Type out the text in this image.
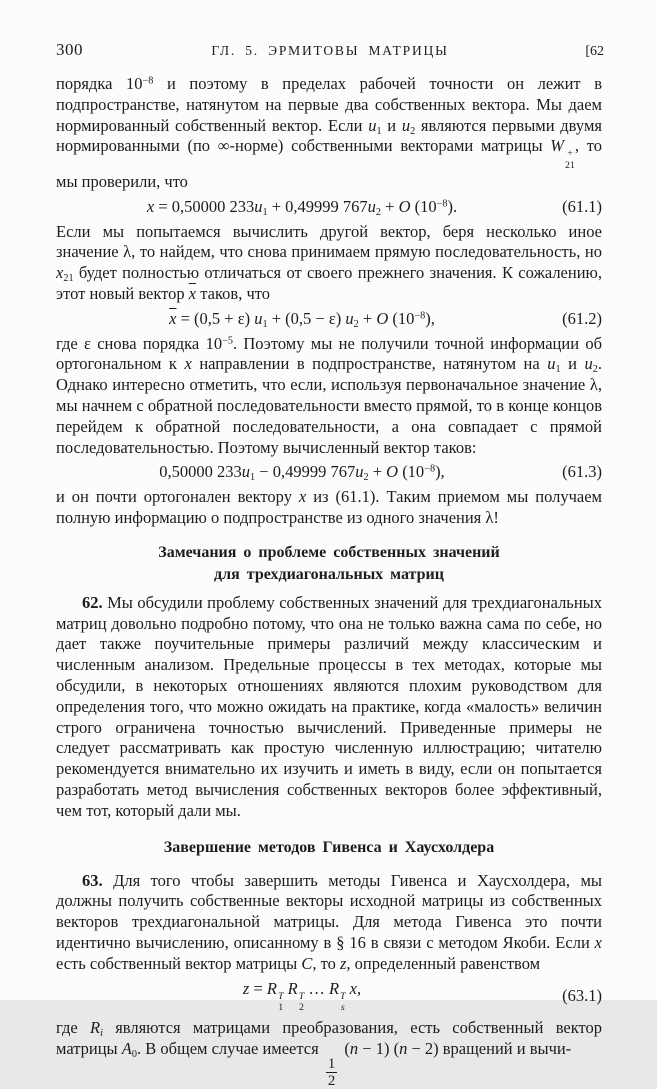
300	ГЛ. 5. ЭРМИТОВЫ МАТРИЦЫ	[62

порядка $10^{-8}$ и поэтому в пределах рабочей точности он лежит в подпространстве, натянутом на первые два собственных вектора. Мы даем нормированный собственный вектор. Если $u_1$ и $u_2$ являются первыми двумя нормированными (по ∞-норме) собственными векторами матрицы W +
21
, то мы проверили, что

x = 0,50000 $233u_1 + 0,49999$ $767u_2 + O$ $(10^{-8})$.	(61.1)

Если мы попытаемся вычислить другой вектор, беря несколько иное значение λ, то найдем, что снова принимаем прямую последовательность, но $x_{21}$ будет полностью отличаться от своего прежнего значения. К сожалению, этот новый вектор $\overline{x}$ таков, что

$\overline{x} = (0,5 + \varepsilon) u_1 + (0,5 - \varepsilon) u_2 + O$ $(10^{-8})$,	(61.2)

где ε снова порядка $10^{-5}$. Поэтому мы не получили точной информации об ортогональном к x направлении в подпространстве, натянутом на $u_1$ и $u_2$. Однако интересно отметить, что если, используя первоначальное значение λ, мы начнем с обратной последовательности вместо прямой, то в конце концов перейдем к обратной последовательности, а она совпадает с прямой последовательностью. Поэтому вычисленный вектор таков:

0,50000 $233u_1 - 0,49999$ $767u_2 + O$ $(10^{-8})$,	(61.3)

и он почти ортогонален вектору x из (61.1). Таким приемом мы получаем полную информацию о подпространстве из одного значения λ!

Замечания о проблеме собственных значений
для трехдиагональных матриц

62. Мы обсудили проблему собственных значений для трехдиагональных матриц довольно подробно потому, что она не только важна сама по себе, но дает также поучительные примеры различий между классическим и численным анализом. Предельные процессы в тех методах, которые мы обсудили, в некоторых отношениях являются плохим руководством для определения того, что можно ожидать на практике, когда «малость» величин строго ограничена точностью вычислений. Приведенные примеры не следует рассматривать как простую численную иллюстрацию; читателю рекомендуется внимательно их изучить и иметь в виду, если он попытается разработать метод вычисления собственных векторов более эффективный, чем тот, который дали мы.

Завершение методов Гивенса и Хаусхолдера

63. Для того чтобы завершить методы Гивенса и Хаусхолдера, мы должны получить собственные векторы исходной матрицы из собственных векторов трехдиагональной матрицы. Для метода Гивенса это почти идентично вычислению, описанному в § 16 в связи с методом Якоби. Если x есть собственный вектор матрицы C, то z, определенный равенством

z = R T
1
R T
2
… R T
s
x,	(63.1)

где $R_i$ являются матрицами преобразования, есть собственный вектор матрицы $A_0$. В общем случае имеется
$\frac{1}{2}$
(n − 1) (n − 2) вращений и вычи-
